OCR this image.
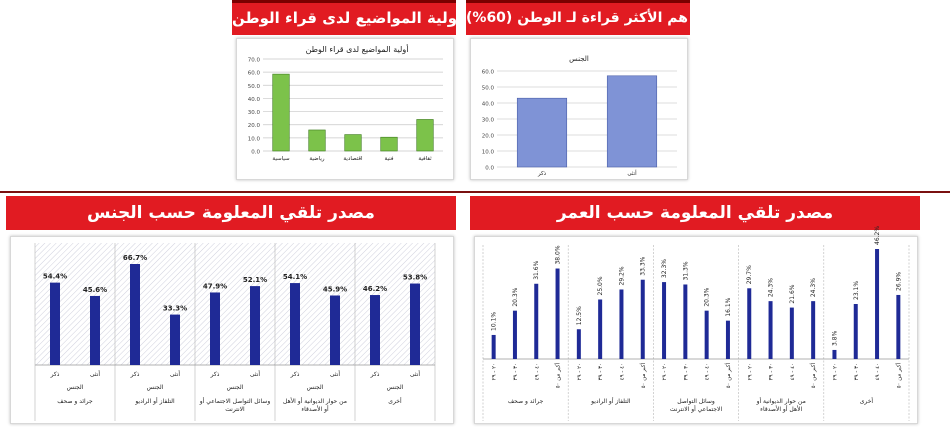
أولية المواضيع لدى قراء الوطن
أولية المواضيع لدى قراء الوطن
0.0
10.0
20.0
30.0
40.0
50.0
60.0
70.0
سياسية	رياضية	اقتصادية	فنية	ثقافية
النساء هم الأكثر قراءة لـ الوطن (60%)
الجنس
0.0
10.0
20.0
30.0
40.0
50.0
60.0
ذكر	أنثى
مصدر تلقي المعلومة حسب الجنس
54.4%
ذكر
45.6%
أنثى
الجنس
جرائد و صحف
66.7%
ذكر
33.3%
أنثى
الجنس
التلفاز أو الراديو
47.9%
ذكر
52.1%
أنثى
الجنس
وسائل التواصل الاجتماعي أو الانترنت
54.1%
ذكر
45.9%
أنثى
الجنس
من حوار الديوانية أو الأهل أو الأصدقاء
46.2%
ذكر
53.8%
أنثى
الجنس
أخرى
مصدر تلقي المعلومة حسب العمر
10.1%
٢٠ - ٢٩
20.3%
٣٠ - ٣٩
31.6%
٤٠ - ٤٩
38.0%
أكبر من ٥٠
جرائد و صحف
12.5%
٢٠ - ٢٩
25.0%
٣٠ - ٣٩
29.2%
٤٠ - ٤٩
33.3%
أكبر من ٥٠
التلفاز أو الراديو
32.3%
٢٠ - ٢٩
31.3%
٣٠ - ٣٩
20.3%
٤٠ - ٤٩
16.1%
أكبر من ٥٠
وسائل التواصل الاجتماعي أو الانترنت
29.7%
٢٠ - ٢٩
24.3%
٣٠ - ٣٩
21.6%
٤٠ - ٤٩
24.3%
أكبر من ٥٠
من حوار الديوانية أو الأهل أو الأصدقاء
3.8%
٢٠ - ٢٩
23.1%
٣٠ - ٣٩
46.2%
٤٠ - ٤٩
26.9%
أكبر من ٥٠
أخرى
